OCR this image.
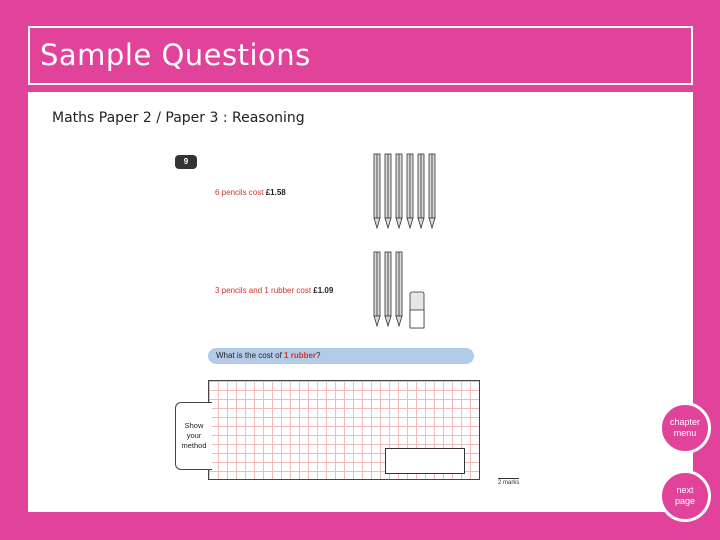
Sample Questions
Maths Paper 2 / Paper 3 : Reasoning
9
6 pencils cost £1.58
3 pencils and 1 rubber cost £1.09
What is the cost of 1 rubber?
Show
your
method
2 marks
chapter
menu
next
page
